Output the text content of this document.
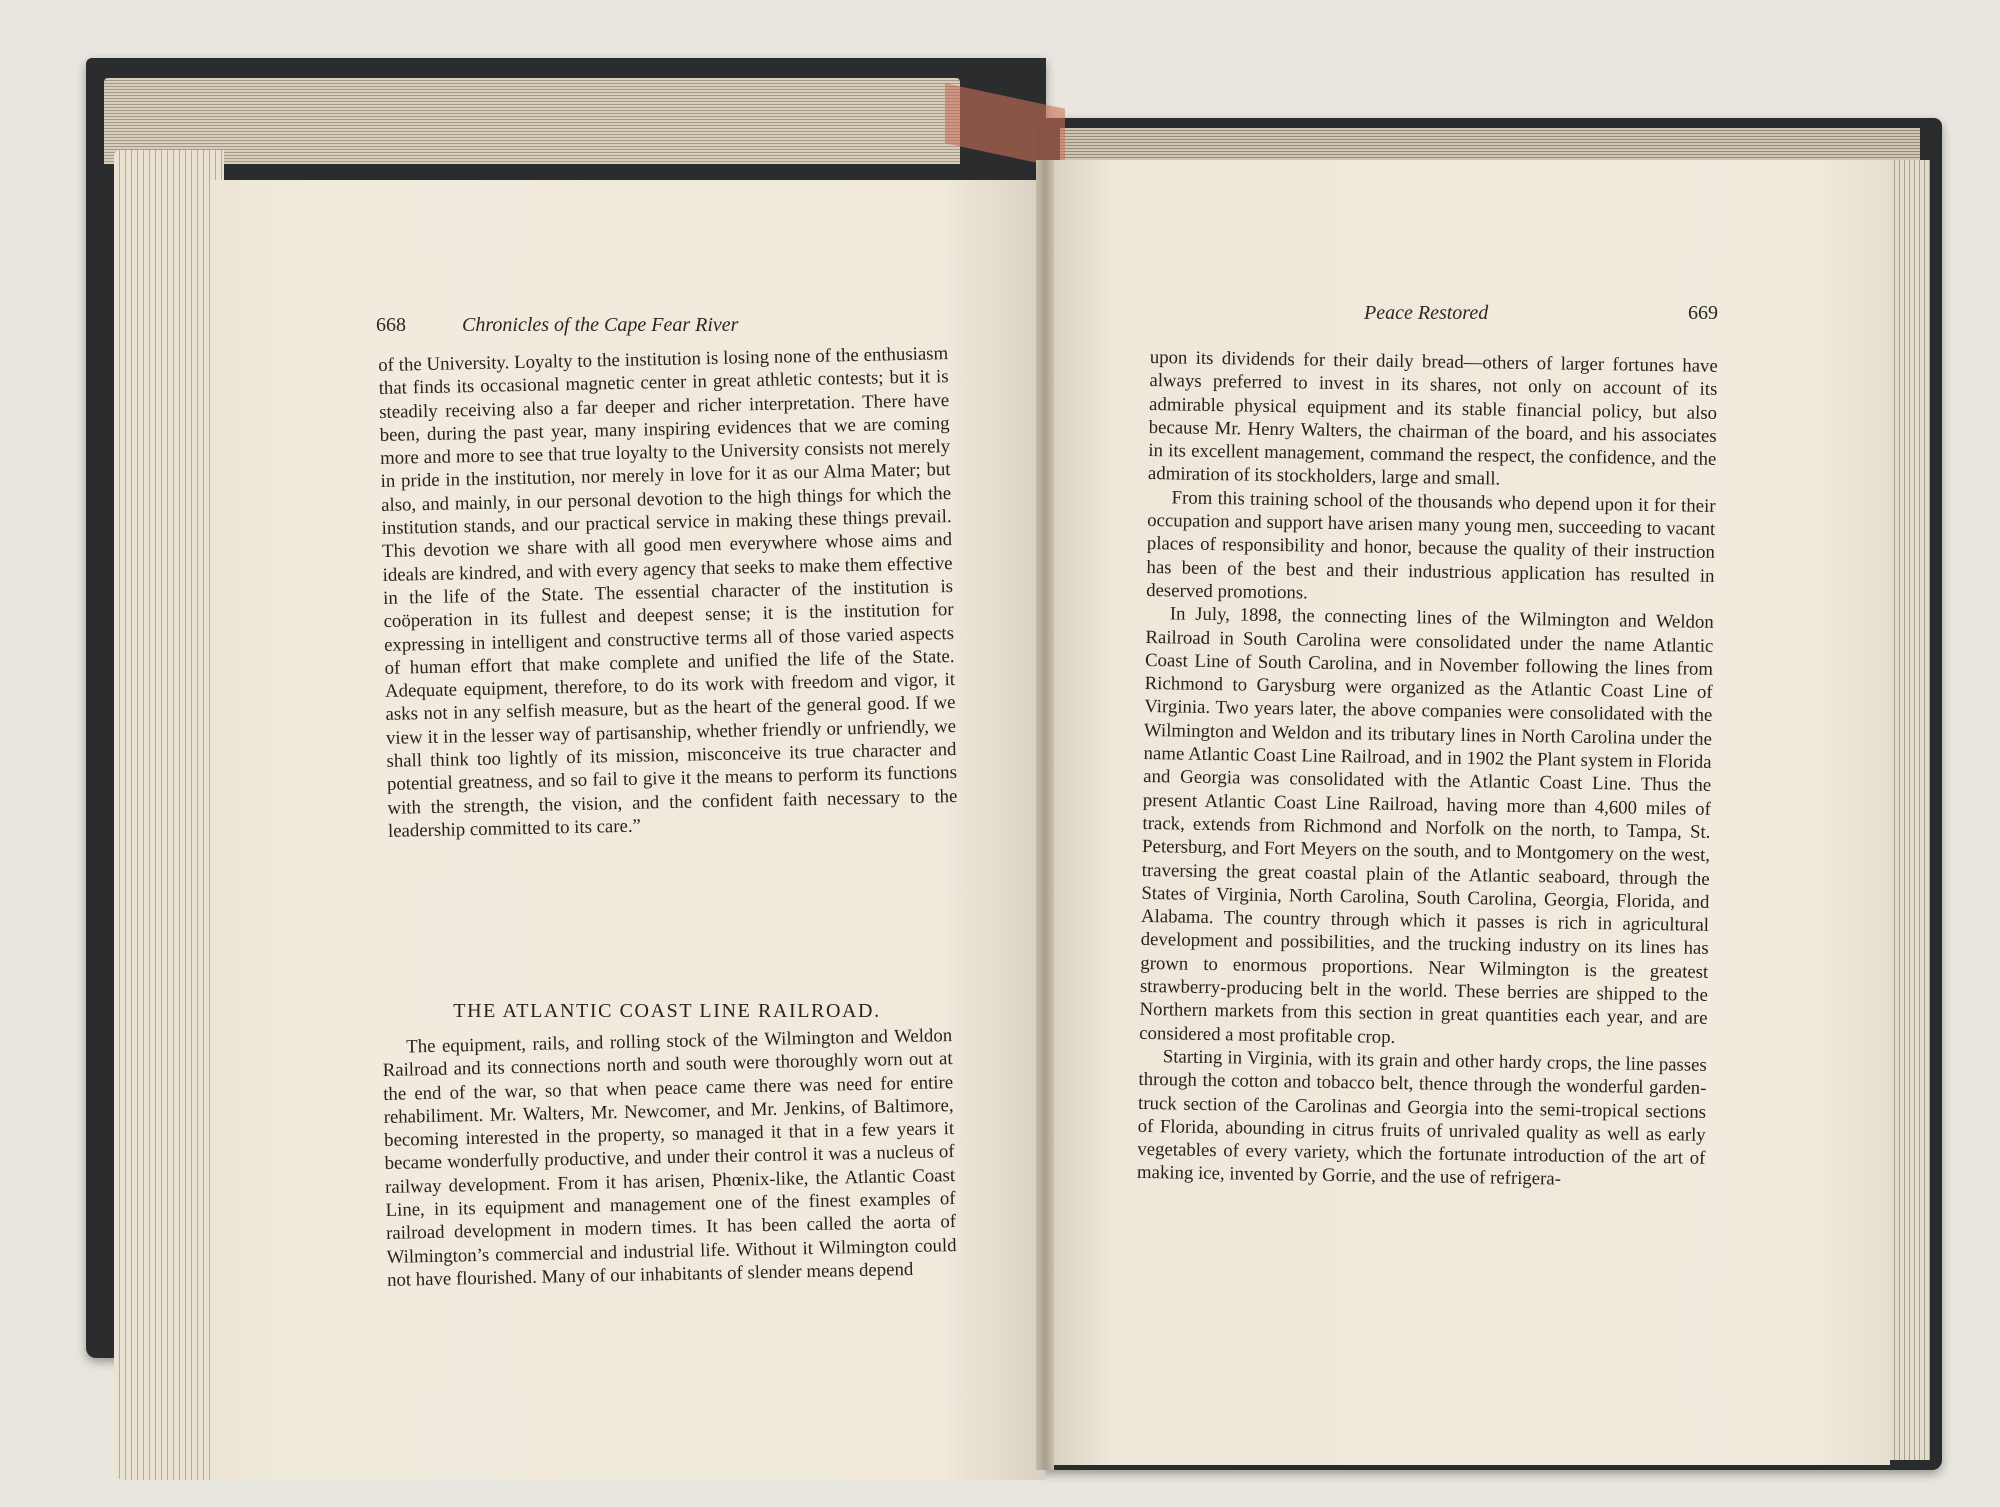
668	Chronicles of the Cape Fear River

of the University. Loyalty to the institution is losing none of the enthusiasm that finds its occasional magnetic center in great athletic contests; but it is steadily receiving also a far deeper and richer interpretation. There have been, during the past year, many inspiring evidences that we are coming more and more to see that true loyalty to the University consists not merely in pride in the institution, nor merely in love for it as our Alma Mater; but also, and mainly, in our personal devotion to the high things for which the institution stands, and our practical service in making these things prevail. This devotion we share with all good men everywhere whose aims and ideals are kindred, and with every agency that seeks to make them effective in the life of the State. The essential character of the institution is coöperation in its fullest and deepest sense; it is the institution for expressing in intelligent and constructive terms all of those varied aspects of human effort that make complete and unified the life of the State. Adequate equipment, therefore, to do its work with freedom and vigor, it asks not in any selfish measure, but as the heart of the general good. If we view it in the lesser way of partisanship, whether friendly or unfriendly, we shall think too lightly of its mission, misconceive its true character and potential greatness, and so fail to give it the means to perform its functions with the strength, the vision, and the confident faith necessary to the leadership committed to its care.”

THE ATLANTIC COAST LINE RAILROAD.

The equipment, rails, and rolling stock of the Wilmington and Weldon Railroad and its connections north and south were thoroughly worn out at the end of the war, so that when peace came there was need for entire rehabiliment. Mr. Walters, Mr. Newcomer, and Mr. Jenkins, of Baltimore, becoming interested in the property, so managed it that in a few years it became wonderfully productive, and under their control it was a nucleus of railway development. From it has arisen, Phœnix-like, the Atlantic Coast Line, in its equipment and management one of the finest examples of railroad development in modern times. It has been called the aorta of Wilmington’s commercial and industrial life. Without it Wilmington could not have flourished. Many of our inhabitants of slender means depend

Peace Restored	669

upon its dividends for their daily bread—others of larger fortunes have always preferred to invest in its shares, not only on account of its admirable physical equipment and its stable financial policy, but also because Mr. Henry Walters, the chairman of the board, and his associates in its excellent management, command the respect, the confidence, and the admiration of its stockholders, large and small.

From this training school of the thousands who depend upon it for their occupation and support have arisen many young men, succeeding to vacant places of responsibility and honor, because the quality of their instruction has been of the best and their industrious application has resulted in deserved promotions.

In July, 1898, the connecting lines of the Wilmington and Weldon Railroad in South Carolina were consolidated under the name Atlantic Coast Line of South Carolina, and in November following the lines from Richmond to Garysburg were organized as the Atlantic Coast Line of Virginia. Two years later, the above companies were consolidated with the Wilmington and Weldon and its tributary lines in North Carolina under the name Atlantic Coast Line Railroad, and in 1902 the Plant system in Florida and Georgia was consolidated with the Atlantic Coast Line. Thus the present Atlantic Coast Line Railroad, having more than 4,600 miles of track, extends from Richmond and Norfolk on the north, to Tampa, St. Petersburg, and Fort Meyers on the south, and to Montgomery on the west, traversing the great coastal plain of the Atlantic seaboard, through the States of Virginia, North Carolina, South Carolina, Georgia, Florida, and Alabama. The country through which it passes is rich in agricultural development and possibilities, and the trucking industry on its lines has grown to enormous proportions. Near Wilmington is the greatest strawberry-producing belt in the world. These berries are shipped to the Northern markets from this section in great quantities each year, and are considered a most profitable crop.

Starting in Virginia, with its grain and other hardy crops, the line passes through the cotton and tobacco belt, thence through the wonderful garden-truck section of the Carolinas and Georgia into the semi-tropical sections of Florida, abounding in citrus fruits of unrivaled quality as well as early vegetables of every variety, which the fortunate introduction of the art of making ice, invented by Gorrie, and the use of refrigera-
